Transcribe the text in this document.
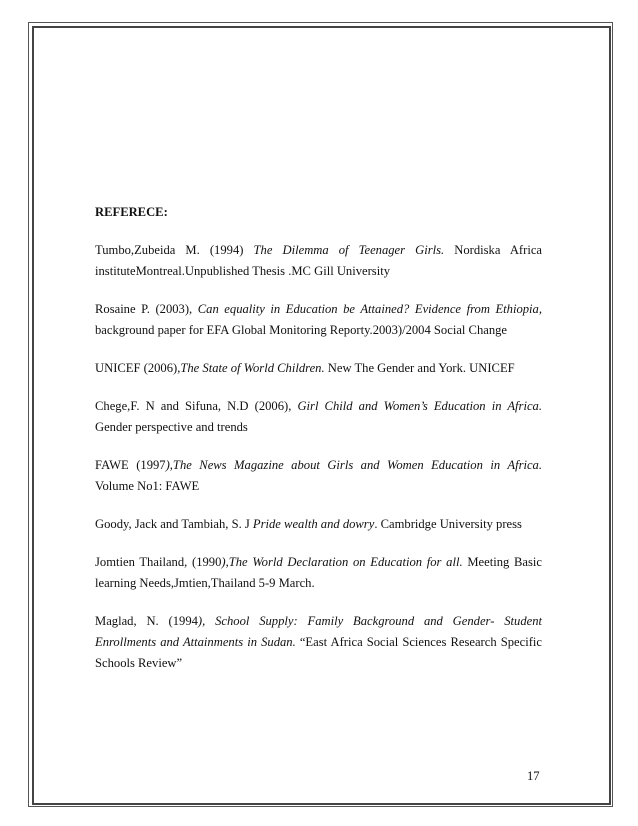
REFERECE:
Tumbo,Zubeida M. (1994) The Dilemma of Teenager Girls. Nordiska Africa
instituteMontreal.Unpublished Thesis .MC Gill University
Rosaine P. (2003), Can equality in Education be Attained? Evidence from Ethiopia,
background paper for EFA Global Monitoring Reporty.2003)/2004 Social Change
UNICEF (2006),The State of World Children. New The Gender and York. UNICEF
Chege,F. N and Sifuna, N.D (2006), Girl Child and Women’s Education in Africa.
Gender perspective and trends
FAWE (1997),The News Magazine about Girls and Women Education in Africa.
Volume No1: FAWE
Goody, Jack and Tambiah, S. J Pride wealth and dowry. Cambridge University press
Jomtien Thailand, (1990),The World Declaration on Education for all. Meeting Basic
learning Needs,Jmtien,Thailand 5-9 March.
Maglad, N. (1994), School Supply: Family Background and Gender- Student
Enrollments and Attainments in Sudan. “East Africa Social Sciences Research Specific
Schools Review”
17
